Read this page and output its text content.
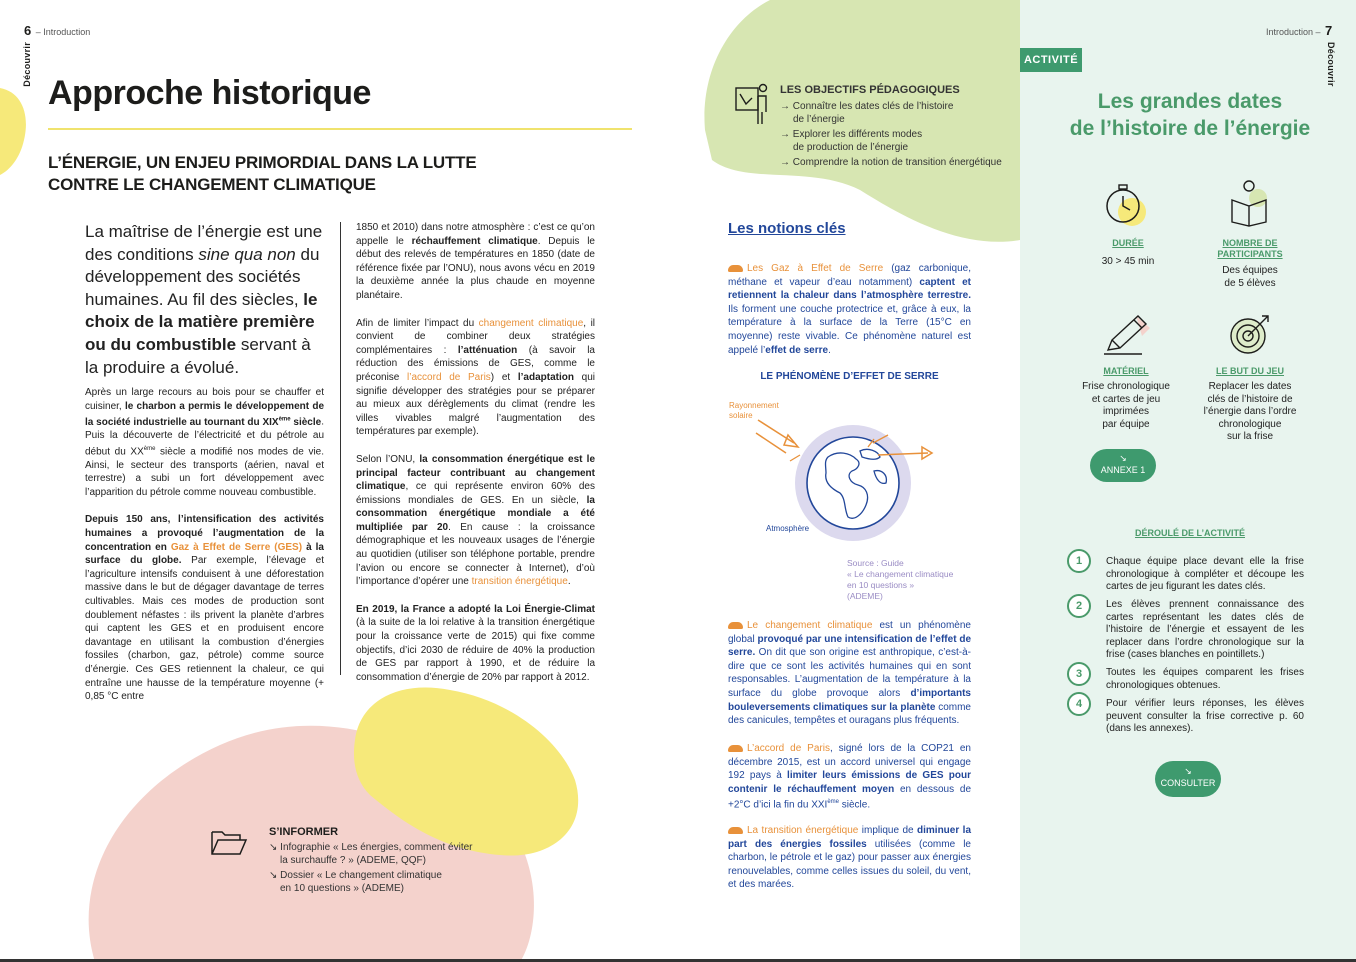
6 – Introduction
Découvrir
Approche historique
L’ÉNERGIE, UN ENJEU PRIMORDIAL DANS LA LUTTE
CONTRE LE CHANGEMENT CLIMATIQUE
La maîtrise de l’énergie est une des conditions sine qua non du développement des sociétés humaines. Au fil des siècles, le choix de la matière première ou du combustible servant à la produire a évolué.

Après un large recours au bois pour se chauffer et cuisiner, le charbon a permis le développement de la société industrielle au tournant du XIXème siècle. Puis la découverte de l’électricité et du pétrole au début du XXème siècle a modifié nos modes de vie. Ainsi, le secteur des transports (aérien, naval et terrestre) a subi un fort développement avec l’apparition du pétrole comme nouveau combustible.

Depuis 150 ans, l’intensification des activités humaines a provoqué l’augmentation de la concentration en Gaz à Effet de Serre (GES) à la surface du globe. Par exemple, l’élevage et l’agriculture intensifs conduisent à une déforestation massive dans le but de dégager davantage de terres cultivables. Mais ces modes de production sont doublement néfastes : ils privent la planète d’arbres qui captent les GES et en produisent encore davantage en utilisant la combustion d’énergies fossiles (charbon, gaz, pétrole) comme source d’énergie. Ces GES retiennent la chaleur, ce qui entraîne une hausse de la température moyenne (+ 0,85 °C entre

1850 et 2010) dans notre atmosphère : c’est ce qu’on appelle le réchauffement climatique. Depuis le début des relevés de températures en 1850 (date de référence fixée par l’ONU), nous avons vécu en 2019 la deuxième année la plus chaude en moyenne planétaire.

Afin de limiter l’impact du changement climatique, il convient de combiner deux stratégies complémentaires : l’atténuation (à savoir la réduction des émissions de GES, comme le préconise l’accord de Paris) et l’adaptation qui signifie développer des stratégies pour se préparer au mieux aux dérèglements du climat (rendre les villes vivables malgré l’augmentation des températures par exemple).

Selon l’ONU, la consommation énergétique est le principal facteur contribuant au changement climatique, ce qui représente environ 60% des émissions mondiales de GES. En un siècle, la consommation énergétique mondiale a été multipliée par 20. En cause : la croissance démographique et les nouveaux usages de l’énergie au quotidien (utiliser son téléphone portable, prendre l’avion ou encore se connecter à Internet), d’où l’importance d’opérer une transition énergétique.

En 2019, la France a adopté la Loi Énergie-Climat (à la suite de la loi relative à la transition énergétique pour la croissance verte de 2015) qui fixe comme objectifs, d’ici 2030 de réduire de 40% la production de GES par rapport à 1990, et de réduire la consommation d’énergie de 20% par rapport à 2012.

S’INFORMER
↘ Infographie « Les énergies, comment éviter
la surchauffe ? » (ADEME, QQF)
↘ Dossier « Le changement climatique
en 10 questions » (ADEME)
LES OBJECTIFS PÉDAGOGIQUES
→ Connaître les dates clés de l’histoire
de l’énergie
→ Explorer les différents modes
de production de l’énergie
→ Comprendre la notion de transition énergétique
Les notions clés
Les Gaz à Effet de Serre (gaz carbonique, méthane et vapeur d’eau notamment) captent et retiennent la chaleur dans l’atmosphère terrestre. Ils forment une couche protectrice et, grâce à eux, la température à la surface de la Terre (15°C en moyenne) reste vivable. Ce phénomène naturel est appelé l’effet de serre.
LE PHÉNOMÈNE D’EFFET DE SERRE
Rayonnement
solaire
Atmosphère
Source : Guide
« Le changement climatique
en 10 questions »
(ADEME)
Le changement climatique est un phénomène global provoqué par une intensification de l’effet de serre. On dit que son origine est anthropique, c’est-à-dire que ce sont les activités humaines qui en sont responsables. L’augmentation de la température à la surface du globe provoque alors d’importants bouleversements climatiques sur la planète comme des canicules, tempêtes et ouragans plus fréquents.
L’accord de Paris, signé lors de la COP21 en décembre 2015, est un accord universel qui engage 192 pays à limiter leurs émissions de GES pour contenir le réchauffement moyen en dessous de +2°C d’ici la fin du XXIème siècle.
La transition énergétique implique de diminuer la part des énergies fossiles utilisées (comme le charbon, le pétrole et le gaz) pour passer aux énergies renouvelables, comme celles issues du soleil, du vent, et des marées.
Introduction – 7
Découvrir
ACTIVITÉ
Les grandes dates
de l’histoire de l’énergie
DURÉE
30 > 45 min
NOMBRE DE
PARTICIPANTS
Des équipes
de 5 élèves
MATÉRIEL
Frise chronologique
et cartes de jeu
imprimées
par équipe
LE BUT DU JEU
Replacer les dates
clés de l’histoire de
l’énergie dans l’ordre
chronologique
sur la frise
↘
ANNEXE 1
DÉROULÉ DE L’ACTIVITÉ
1	Chaque équipe place devant elle la frise chronologique à compléter et découpe les cartes de jeu figurant les dates clés.
2	Les élèves prennent connaissance des cartes représentant les dates clés de l’histoire de l’énergie et essayent de les replacer dans l’ordre chronologique sur la frise (cases blanches en pointillets.)
3	Toutes les équipes comparent les frises chronologiques obtenues.
4	Pour vérifier leurs réponses, les élèves peuvent consulter la frise corrective p. 60 (dans les annexes).
↘
CONSULTER
